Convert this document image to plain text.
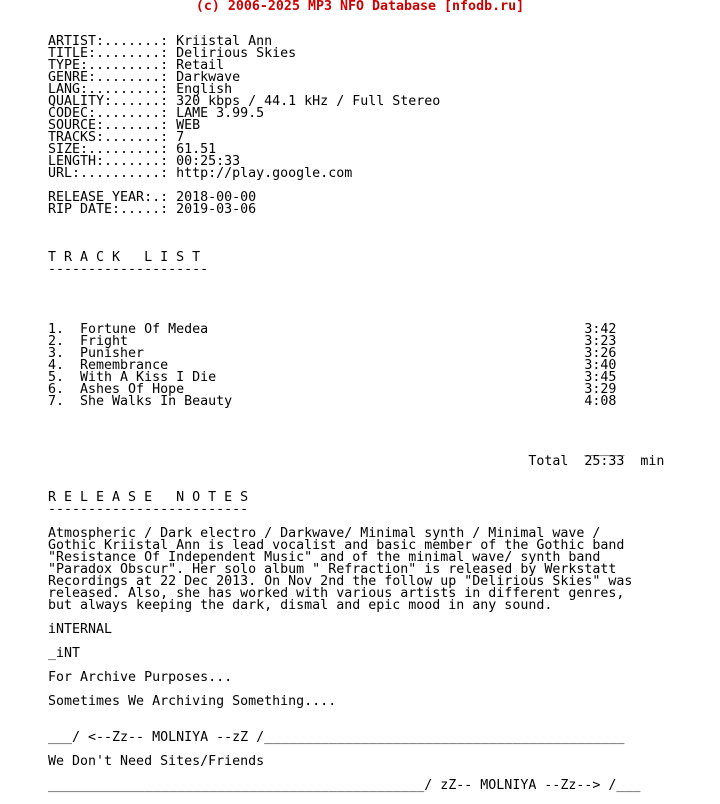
(c) 2006-2025 MP3 NFO Database [nfodb.ru]
ARTIST:.......: Kriistal Ann
TITLE:........: Delirious Skies
TYPE:.........: Retail
GENRE:........: Darkwave
LANG:.........: English
QUALITY:......: 320 kbps / 44.1 kHz / Full Stereo
CODEC:........: LAME 3.99.5
SOURCE:.......: WEB
TRACKS:.......: 7
SIZE:.........: 61.51
LENGTH:.......: 00:25:33
URL:..........: http://play.google.com

RELEASE YEAR:.: 2018-00-00
RIP DATE:.....: 2019-03-06

T R A C K   L I S T
--------------------

1.  Fortune Of Medea                                               3:42
2.  Fright                                                         3:23
3.  Punisher                                                       3:26
4.  Remembrance                                                    3:40
5.  With A Kiss I Die                                              3:45
6.  Ashes Of Hope                                                  3:29
7.  She Walks In Beauty                                            4:08

_____
Total  25:33  min

R E L E A S E   N O T E S
-------------------------

Atmospheric / Dark electro / Darkwave/ Minimal synth / Minimal wave /
Gothic Kriistal Ann is lead vocalist and basic member of the Gothic band
"Resistance Of Independent Music" and of the minimal wave/ synth band
"Paradox Obscur". Her solo album " Refraction" is released by Werkstatt
Recordings at 22 Dec 2013. On Nov 2nd the follow up "Delirious Skies" was
released. Also, she has worked with various artists in different genres,
but always keeping the dark, dismal and epic mood in any sound.

iNTERNAL

_iNT

For Archive Purposes...

Sometimes We Archiving Something....

___/ <--Zz-- MOLNIYA --zZ /_____________________________________________

We Don't Need Sites/Friends

_______________________________________________/ zZ-- MOLNIYA --Zz--> /___
